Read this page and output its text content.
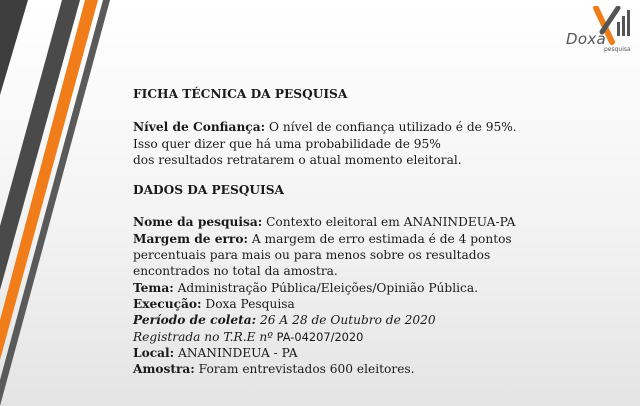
Doxa
pesquisa

FICHA TÉCNICA DA PESQUISA

Nível de Confiança: O nível de confiança utilizado é de 95%.

Isso quer dizer que há uma probabilidade de 95%

dos resultados retratarem o atual momento eleitoral.

DADOS DA PESQUISA

Nome da pesquisa: Contexto eleitoral em ANANINDEUA-PA

Margem de erro: A margem de erro estimada é de 4 pontos

percentuais para mais ou para menos sobre os resultados

encontrados no total da amostra.

Tema: Administração Pública/Eleições/Opinião Pública.

Execução: Doxa Pesquisa

Período de coleta: 26 A 28 de Outubro de 2020

Registrada no T.R.E nº PA-04207/2020

Local: ANANINDEUA - PA

Amostra: Foram entrevistados 600 eleitores.
